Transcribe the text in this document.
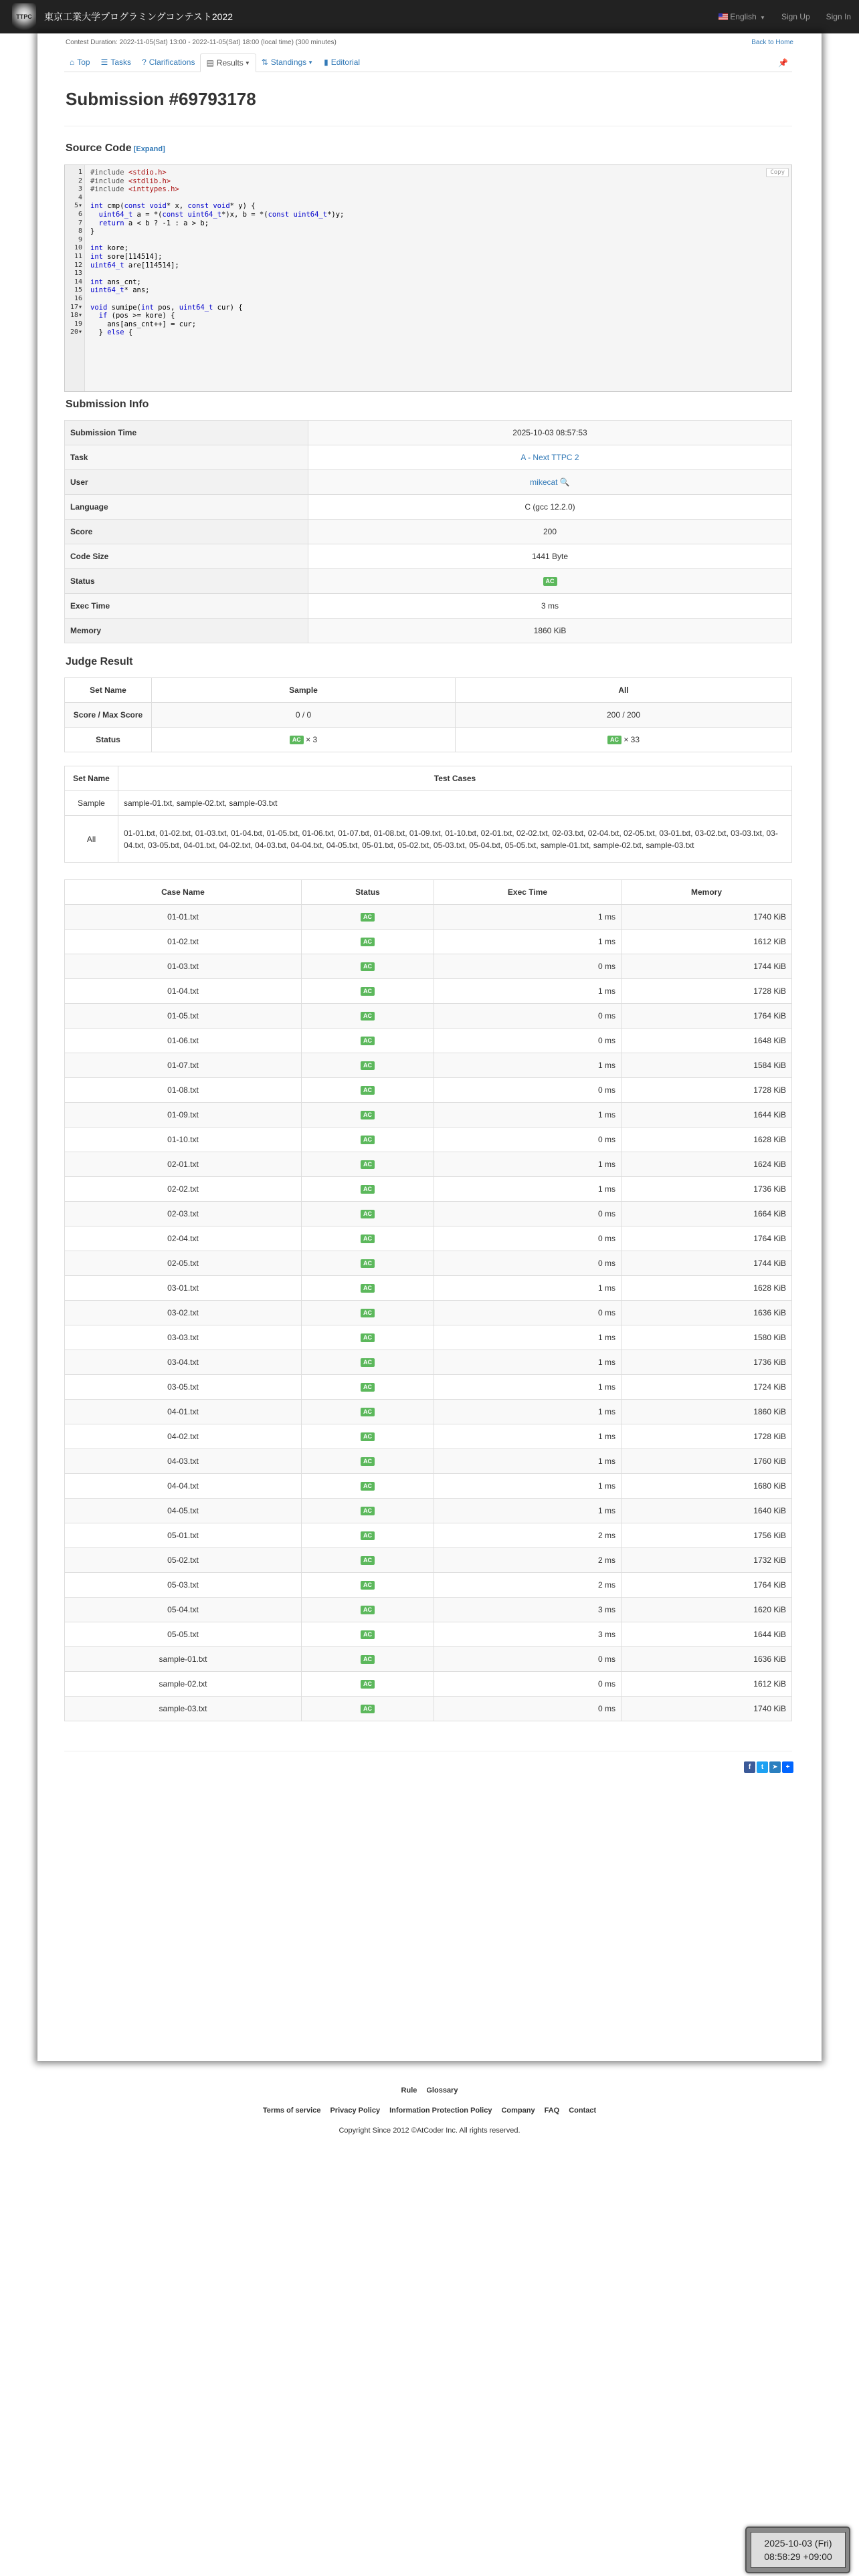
TTPC 東京工業大学プログラミングコンテスト2022	English ▼ Sign Up Sign In
Contest Duration: 2022-11-05(Sat) 13:00 - 2022-11-05(Sat) 18:00 (local time) (300 minutes)	Back to Home
⌂ Top ☰ Tasks ? Clarifications ▤ Results ▼ ⇅ Standings ▼ ▮ Editorial	📌
Submission #69793178
Source Code [Expand]
1
2
3
4
5▾
6
7
8
9
10
11
12
13
14
15
16
17▾
18▾
19
20▾
#include <stdio.h>
#include <stdlib.h>
#include <inttypes.h>
int cmp(const void* x, const void* y) {
uint64_t a = *(const uint64_t*)x, b = *(const uint64_t*)y;
return a < b ? -1 : a > b;
}
int kore;
int sore[114514];
uint64_t are[114514];
int ans_cnt;
uint64_t* ans;
void sumipe(int pos, uint64_t cur) {
if (pos >= kore) {
ans[ans_cnt++] = cur;
} else {
Copy
Submission Info
Submission Time	2025-10-03 08:57:53
Task	A - Next TTPC 2
User	mikecat 🔍
Language	C (gcc 12.2.0)
Score	200
Code Size	1441 Byte
Status	AC
Exec Time	3 ms
Memory	1860 KiB
Judge Result
Set Name	Sample	All
Score / Max Score	0 / 0	200 / 200
Status	AC × 3	AC × 33
Set Name	Test Cases
Sample	sample-01.txt, sample-02.txt, sample-03.txt
All	01-01.txt, 01-02.txt, 01-03.txt, 01-04.txt, 01-05.txt, 01-06.txt, 01-07.txt, 01-08.txt, 01-09.txt, 01-10.txt, 02-01.txt, 02-02.txt, 02-03.txt, 02-04.txt, 02-05.txt, 03-01.txt, 03-02.txt, 03-03.txt, 03-04.txt, 03-05.txt, 04-01.txt, 04-02.txt, 04-03.txt, 04-04.txt, 04-05.txt, 05-01.txt, 05-02.txt, 05-03.txt, 05-04.txt, 05-05.txt, sample-01.txt, sample-02.txt, sample-03.txt
Case Name	Status	Exec Time	Memory
01-01.txt	AC	1 ms	1740 KiB
01-02.txt	AC	1 ms	1612 KiB
01-03.txt	AC	0 ms	1744 KiB
01-04.txt	AC	1 ms	1728 KiB
01-05.txt	AC	0 ms	1764 KiB
01-06.txt	AC	0 ms	1648 KiB
01-07.txt	AC	1 ms	1584 KiB
01-08.txt	AC	0 ms	1728 KiB
01-09.txt	AC	1 ms	1644 KiB
01-10.txt	AC	0 ms	1628 KiB
02-01.txt	AC	1 ms	1624 KiB
02-02.txt	AC	1 ms	1736 KiB
02-03.txt	AC	0 ms	1664 KiB
02-04.txt	AC	0 ms	1764 KiB
02-05.txt	AC	0 ms	1744 KiB
03-01.txt	AC	1 ms	1628 KiB
03-02.txt	AC	0 ms	1636 KiB
03-03.txt	AC	1 ms	1580 KiB
03-04.txt	AC	1 ms	1736 KiB
03-05.txt	AC	1 ms	1724 KiB
04-01.txt	AC	1 ms	1860 KiB
04-02.txt	AC	1 ms	1728 KiB
04-03.txt	AC	1 ms	1760 KiB
04-04.txt	AC	1 ms	1680 KiB
04-05.txt	AC	1 ms	1640 KiB
05-01.txt	AC	2 ms	1756 KiB
05-02.txt	AC	2 ms	1732 KiB
05-03.txt	AC	2 ms	1764 KiB
05-04.txt	AC	3 ms	1620 KiB
05-05.txt	AC	3 ms	1644 KiB
sample-01.txt	AC	0 ms	1636 KiB
sample-02.txt	AC	0 ms	1612 KiB
sample-03.txt	AC	0 ms	1740 KiB
f	t	➤	+
Rule Glossary
Terms of service Privacy Policy Information Protection Policy Company FAQ Contact
Copyright Since 2012 ©AtCoder Inc. All rights reserved.
2025-10-03 (Fri)
08:58:29 +09:00
